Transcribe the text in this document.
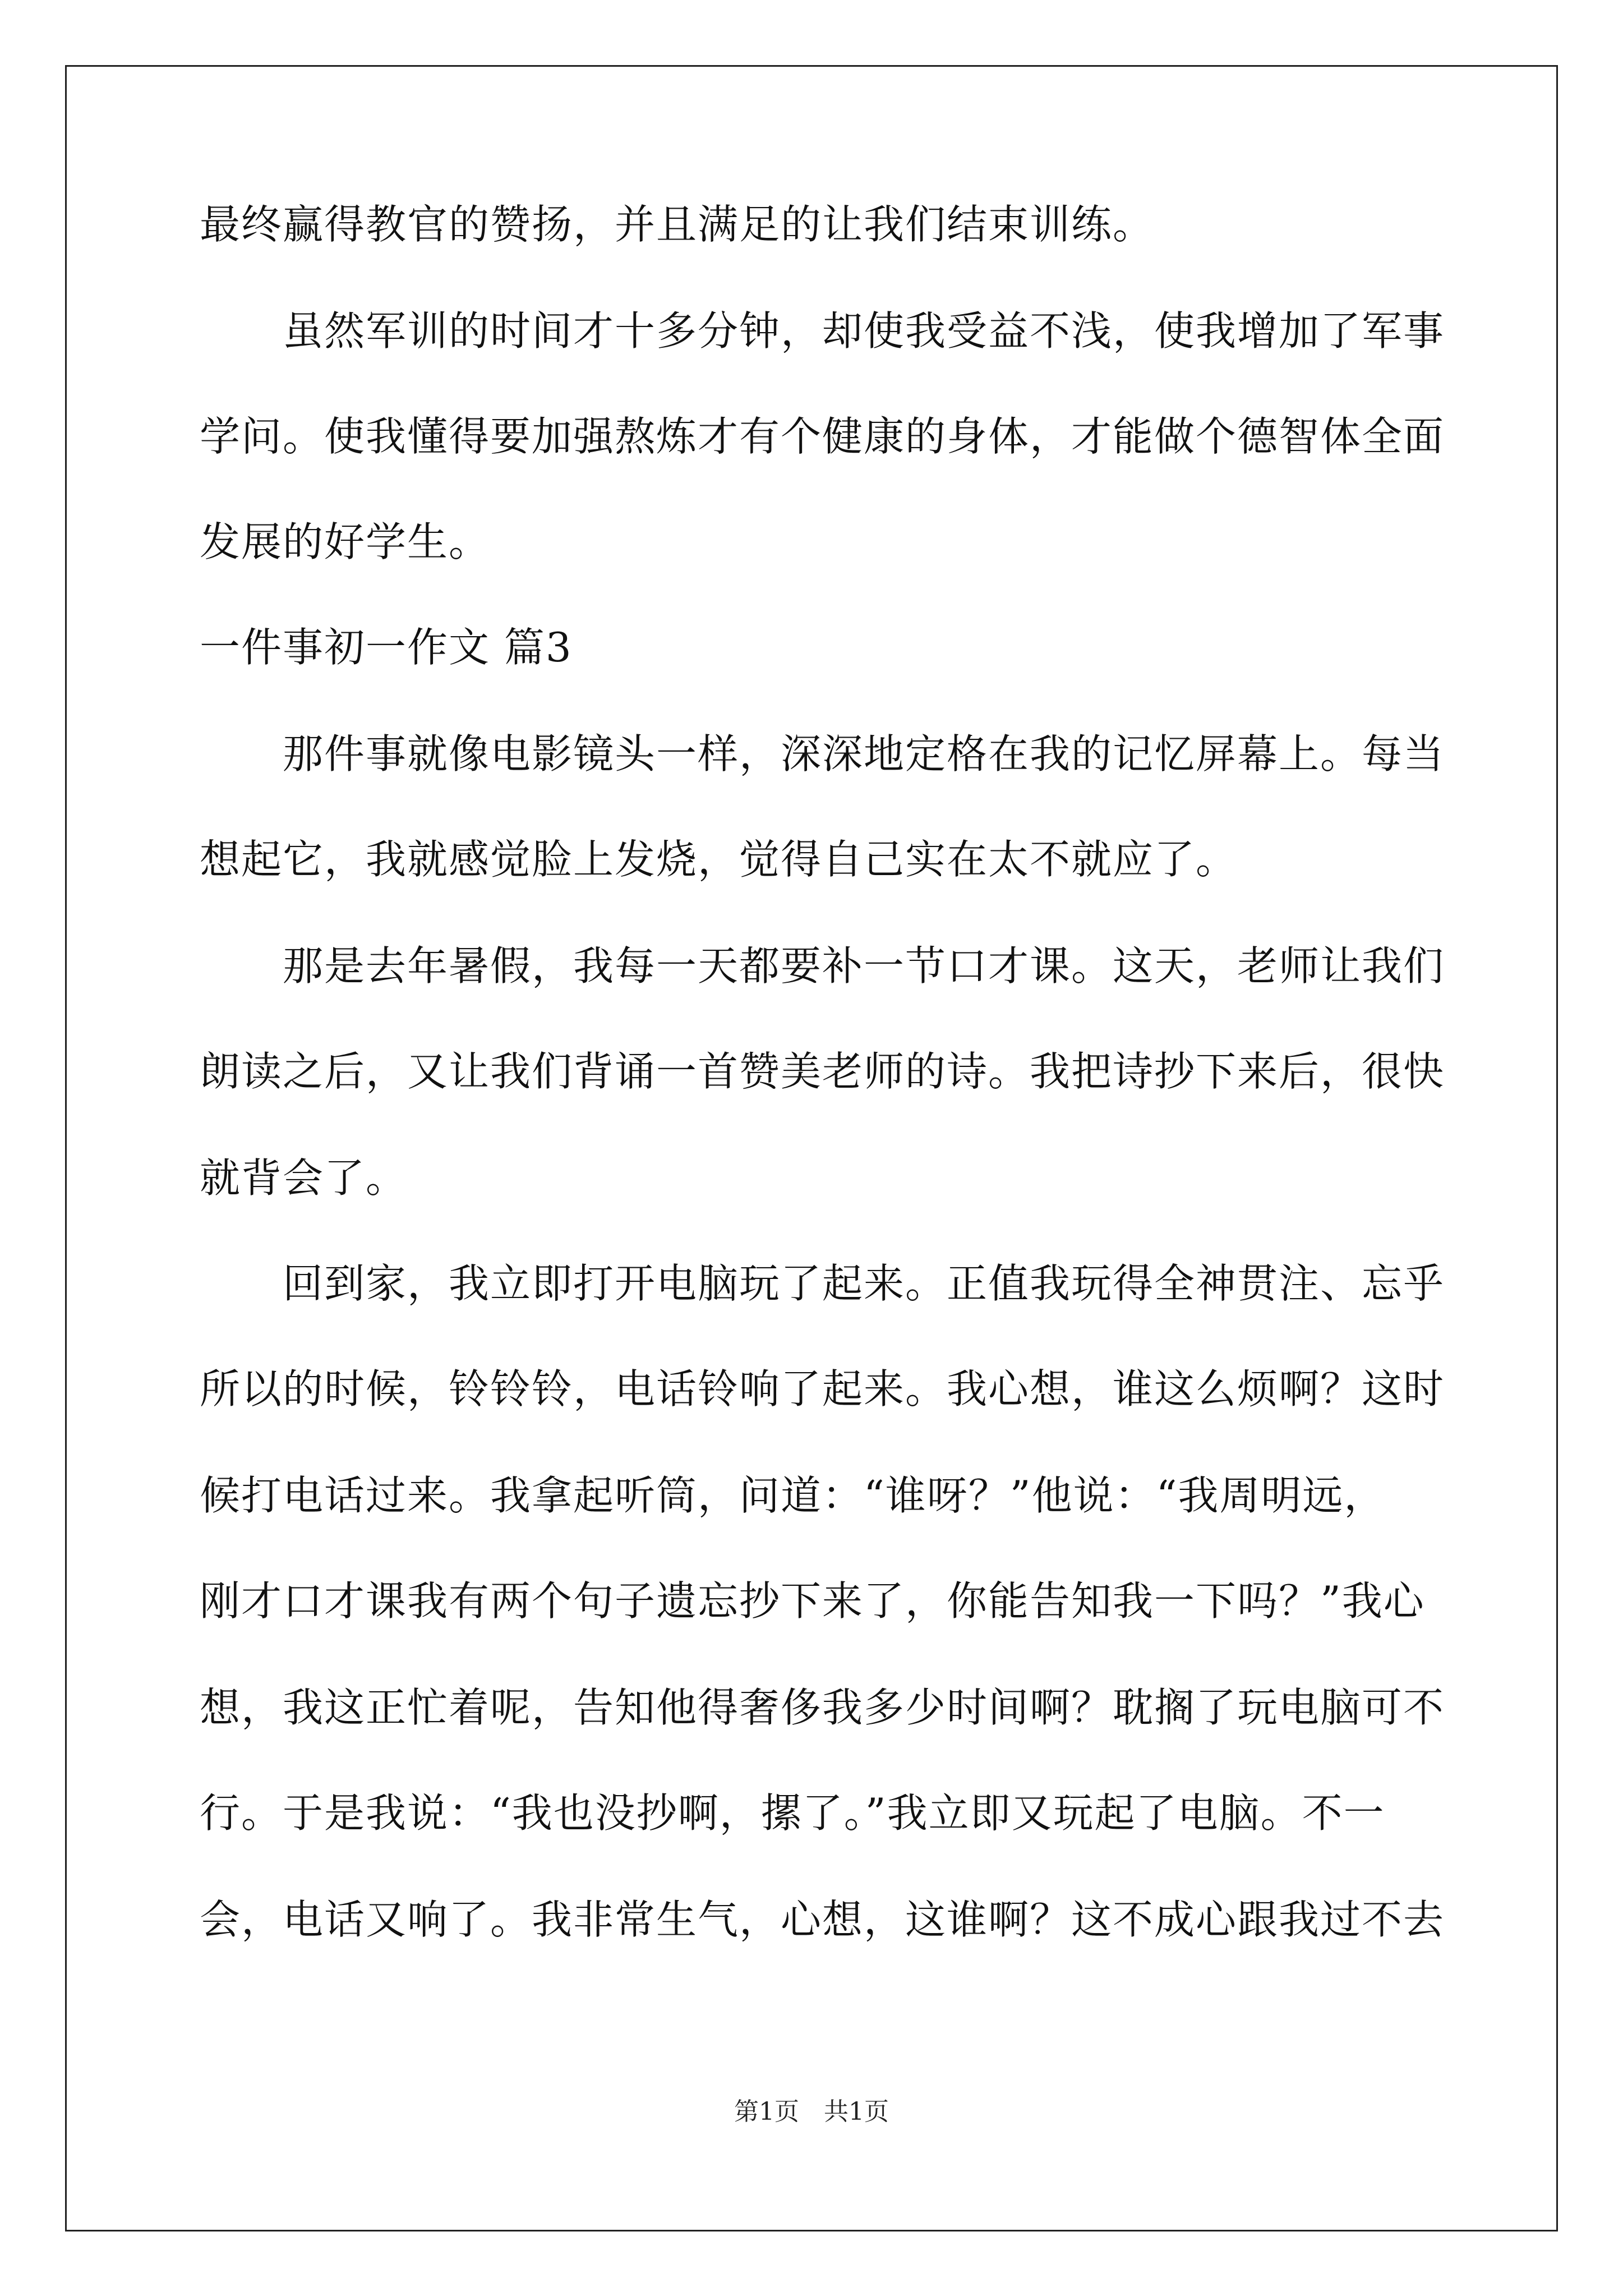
最终赢得教官的赞扬，并且满足的让我们结束训练。
　　虽然军训的时间才十多分钟，却使我受益不浅，使我增加了军事
学问。使我懂得要加强熬炼才有个健康的身体，才能做个德智体全面
发展的好学生。
一件事初一作文 篇3
　　那件事就像电影镜头一样，深深地定格在我的记忆屏幕上。每当
想起它，我就感觉脸上发烧，觉得自己实在太不就应了。
　　那是去年暑假，我每一天都要补一节口才课。这天，老师让我们
朗读之后，又让我们背诵一首赞美老师的诗。我把诗抄下来后，很快
就背会了。
　　回到家，我立即打开电脑玩了起来。正值我玩得全神贯注、忘乎
所以的时候，铃铃铃，电话铃响了起来。我心想，谁这么烦啊？这时
候打电话过来。我拿起听筒，问道：“谁呀？”他说：“我周明远，
刚才口才课我有两个句子遗忘抄下来了，你能告知我一下吗？”我心
想，我这正忙着呢，告知他得奢侈我多少时间啊？耽搁了玩电脑可不
行。于是我说：“我也没抄啊，摞了。”我立即又玩起了电脑。不一
会，电话又响了。我非常生气，心想，这谁啊？这不成心跟我过不去
第1页　共1页
